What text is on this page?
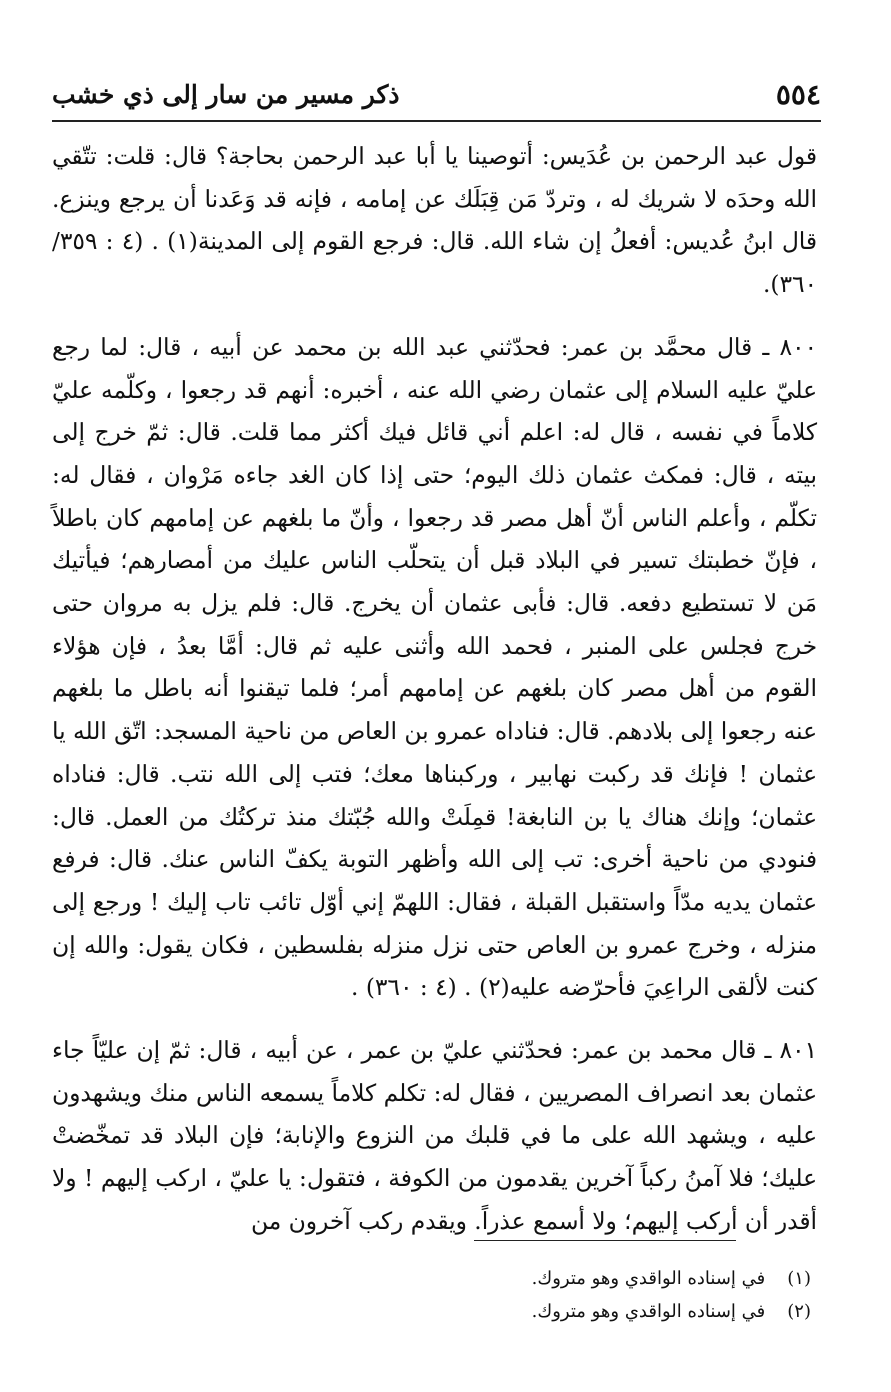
٥٥٤
ذكر مسير من سار إلى ذي خشب

قول عبد الرحمن بن عُدَيس: أتوصينا يا أبا عبد الرحمن بحاجة؟ قال: قلت: تتّقي الله وحدَه لا شريك له ، وتردّ مَن قِبَلَك عن إمامه ، فإنه قد وَعَدنا أن يرجع وينزع. قال ابنُ عُديس: أفعلُ إن شاء الله. قال: فرجع القوم إلى المدينة(١) . (٤ : ٣٥٩/ ٣٦٠).

٨٠٠ ـ قال محمَّد بن عمر: فحدّثني عبد الله بن محمد عن أبيه ، قال: لما رجع عليّ عليه السلام إلى عثمان رضي الله عنه ، أخبره: أنهم قد رجعوا ، وكلّمه عليّ كلاماً في نفسه ، قال له: اعلم أني قائل فيك أكثر مما قلت. قال: ثمّ خرج إلى بيته ، قال: فمكث عثمان ذلك اليوم؛ حتى إذا كان الغد جاءه مَرْوان ، فقال له: تكلّم ، وأعلم الناس أنّ أهل مصر قد رجعوا ، وأنّ ما بلغهم عن إمامهم كان باطلاً ، فإنّ خطبتك تسير في البلاد قبل أن يتحلّب الناس عليك من أمصارهم؛ فيأتيك مَن لا تستطيع دفعه. قال: فأبى عثمان أن يخرج. قال: فلم يزل به مروان حتى خرج فجلس على المنبر ، فحمد الله وأثنى عليه ثم قال: أمَّا بعدُ ، فإن هؤلاء القوم من أهل مصر كان بلغهم عن إمامهم أمر؛ فلما تيقنوا أنه باطل ما بلغهم عنه رجعوا إلى بلادهم. قال: فناداه عمرو بن العاص من ناحية المسجد: اتّق الله يا عثمان ! فإنك قد ركبت نهابير ، وركبناها معك؛ فتب إلى الله نتب. قال: فناداه عثمان؛ وإنك هناك يا بن النابغة! قمِلَتْ والله جُبّتك منذ تركتُك من العمل. قال: فنودي من ناحية أخرى: تب إلى الله وأظهر التوبة يكفّ الناس عنك. قال: فرفع عثمان يديه مدّاً واستقبل القبلة ، فقال: اللهمّ إني أوّل تائب تاب إليك ! ورجع إلى منزله ، وخرج عمرو بن العاص حتى نزل منزله بفلسطين ، فكان يقول: والله إن كنت لألقى الراعِيَ فأحرّضه عليه(٢) . (٤ : ٣٦٠) .

٨٠١ ـ قال محمد بن عمر: فحدّثني عليّ بن عمر ، عن أبيه ، قال: ثمّ إن عليّاً جاء عثمان بعد انصراف المصريين ، فقال له: تكلم كلاماً يسمعه الناس منك ويشهدون عليه ، ويشهد الله على ما في قلبك من النزوع والإنابة؛ فإن البلاد قد تمخّضتْ عليك؛ فلا آمنُ ركباً آخرين يقدمون من الكوفة ، فتقول: يا عليّ ، اركب إليهم ! ولا أقدر أن أركب إليهم؛ ولا أسمع عذراً. ويقدم ركب آخرون من

(١)
في إسناده الواقدي وهو متروك.
(٢)
في إسناده الواقدي وهو متروك.
